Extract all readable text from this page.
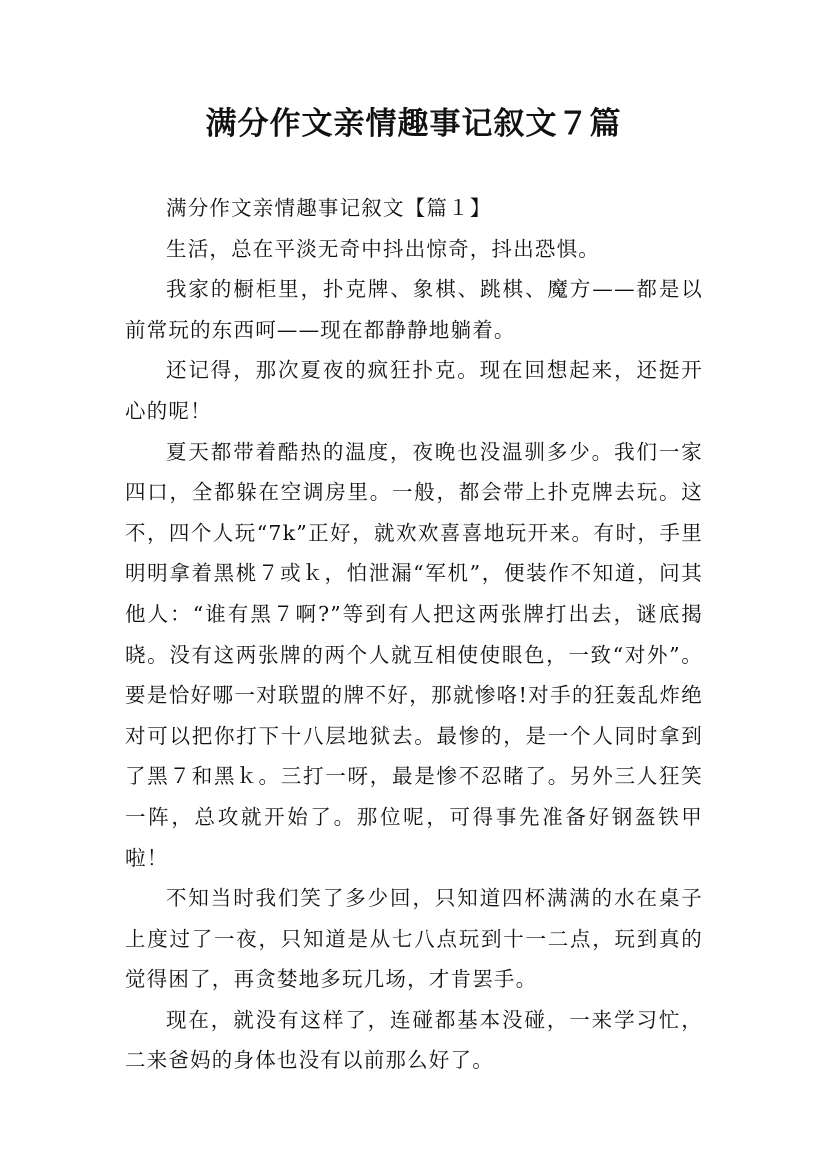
满分作文亲情趣事记叙文７篇

满分作文亲情趣事记叙文【篇１】

生活，总在平淡无奇中抖出惊奇，抖出恐惧。

我家的橱柜里，扑克牌、象棋、跳棋、魔方——都是以前常玩的东西呵——现在都静静地躺着。

还记得，那次夏夜的疯狂扑克。现在回想起来，还挺开心的呢！

夏天都带着酷热的温度，夜晚也没温驯多少。我们一家四口，全都躲在空调房里。一般，都会带上扑克牌去玩。这不，四个人玩“7k”正好，就欢欢喜喜地玩开来。有时，手里明明拿着黑桃７或ｋ，怕泄漏“军机”，便装作不知道，问其他人：“谁有黑７啊?”等到有人把这两张牌打出去，谜底揭晓。没有这两张牌的两个人就互相使使眼色，一致“对外”。要是恰好哪一对联盟的牌不好，那就惨咯!对手的狂轰乱炸绝对可以把你打下十八层地狱去。最惨的，是一个人同时拿到了黑７和黑ｋ。三打一呀，最是惨不忍睹了。另外三人狂笑一阵，总攻就开始了。那位呢，可得事先准备好钢盔铁甲啦！

不知当时我们笑了多少回，只知道四杯满满的水在桌子上度过了一夜，只知道是从七八点玩到十一二点，玩到真的觉得困了，再贪婪地多玩几场，才肯罢手。

现在，就没有这样了，连碰都基本没碰，一来学习忙，二来爸妈的身体也没有以前那么好了。
